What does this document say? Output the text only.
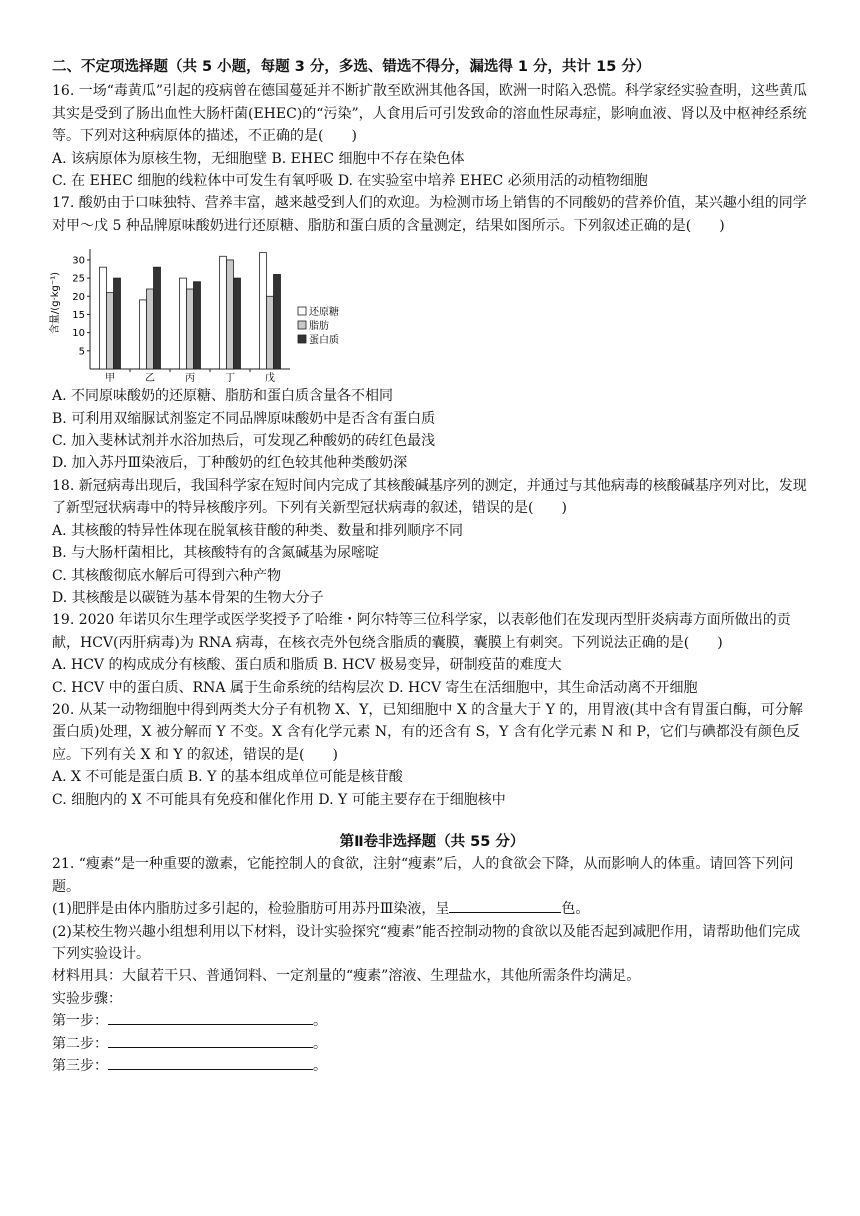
二、不定项选择题（共 5 小题，每题 3 分，多选、错选不得分，漏选得 1 分，共计 15 分）
16. 一场“毒黄瓜”引起的疫病曾在德国蔓延并不断扩散至欧洲其他各国，欧洲一时陷入恐慌。科学家经实验查明，这些黄瓜其实是受到了肠出血性大肠杆菌(EHEC)的“污染”，人食用后可引发致命的溶血性尿毒症，影响血液、肾以及中枢神经系统等。下列对这种病原体的描述，不正确的是(　　)
A. 该病原体为原核生物，无细胞壁 B. EHEC 细胞中不存在染色体
C. 在 EHEC 细胞的线粒体中可发生有氧呼吸 D. 在实验室中培养 EHEC 必须用活的动植物细胞
17. 酸奶由于口味独特、营养丰富，越来越受到人们的欢迎。为检测市场上销售的不同酸奶的营养价值，某兴趣小组的同学对甲～戊 5 种品牌原味酸奶进行还原糖、脂肪和蛋白质的含量测定，结果如图所示。下列叙述正确的是(　　)
含量/(g·kg⁻¹)
30
25
20
15
10
5
甲	乙	丙	丁	戊
还原糖
脂肪
蛋白质
A. 不同原味酸奶的还原糖、脂肪和蛋白质含量各不相同
B. 可利用双缩脲试剂鉴定不同品牌原味酸奶中是否含有蛋白质
C. 加入斐林试剂并水浴加热后，可发现乙种酸奶的砖红色最浅
D. 加入苏丹Ⅲ染液后，丁种酸奶的红色较其他种类酸奶深
18. 新冠病毒出现后，我国科学家在短时间内完成了其核酸碱基序列的测定，并通过与其他病毒的核酸碱基序列对比，发现了新型冠状病毒中的特异核酸序列。下列有关新型冠状病毒的叙述，错误的是(　　)
A. 其核酸的特异性体现在脱氧核苷酸的种类、数量和排列顺序不同
B. 与大肠杆菌相比，其核酸特有的含氮碱基为尿嘧啶
C. 其核酸彻底水解后可得到六种产物
D. 其核酸是以碳链为基本骨架的生物大分子
19. 2020 年诺贝尔生理学或医学奖授予了哈维・阿尔特等三位科学家，以表彰他们在发现丙型肝炎病毒方面所做出的贡献，HCV(丙肝病毒)为 RNA 病毒，在核衣壳外包绕含脂质的囊膜，囊膜上有刺突。下列说法正确的是(　　)
A. HCV 的构成成分有核酸、蛋白质和脂质 B. HCV 极易变异，研制疫苗的难度大
C. HCV 中的蛋白质、RNA 属于生命系统的结构层次 D. HCV 寄生在活细胞中，其生命活动离不开细胞
20. 从某一动物细胞中得到两类大分子有机物 X、Y，已知细胞中 X 的含量大于 Y 的，用胃液(其中含有胃蛋白酶，可分解蛋白质)处理，X 被分解而 Y 不变。X 含有化学元素 N，有的还含有 S，Y 含有化学元素 N 和 P，它们与碘都没有颜色反应。下列有关 X 和 Y 的叙述，错误的是(　　)
A. X 不可能是蛋白质 B. Y 的基本组成单位可能是核苷酸
C. 细胞内的 X 不可能具有免疫和催化作用 D. Y 可能主要存在于细胞核中
第Ⅱ卷非选择题（共 55 分）
21. “瘦素”是一种重要的激素，它能控制人的食欲，注射“瘦素”后，人的食欲会下降，从而影响人的体重。请回答下列问题。
(1)肥胖是由体内脂肪过多引起的，检验脂肪可用苏丹Ⅲ染液，呈	色。
(2)某校生物兴趣小组想利用以下材料，设计实验探究“瘦素”能否控制动物的食欲以及能否起到减肥作用，请帮助他们完成下列实验设计。
材料用具：大鼠若干只、普通饲料、一定剂量的“瘦素”溶液、生理盐水，其他所需条件均满足。
实验步骤：
第一步：	。
第二步：	。
第三步：	。
